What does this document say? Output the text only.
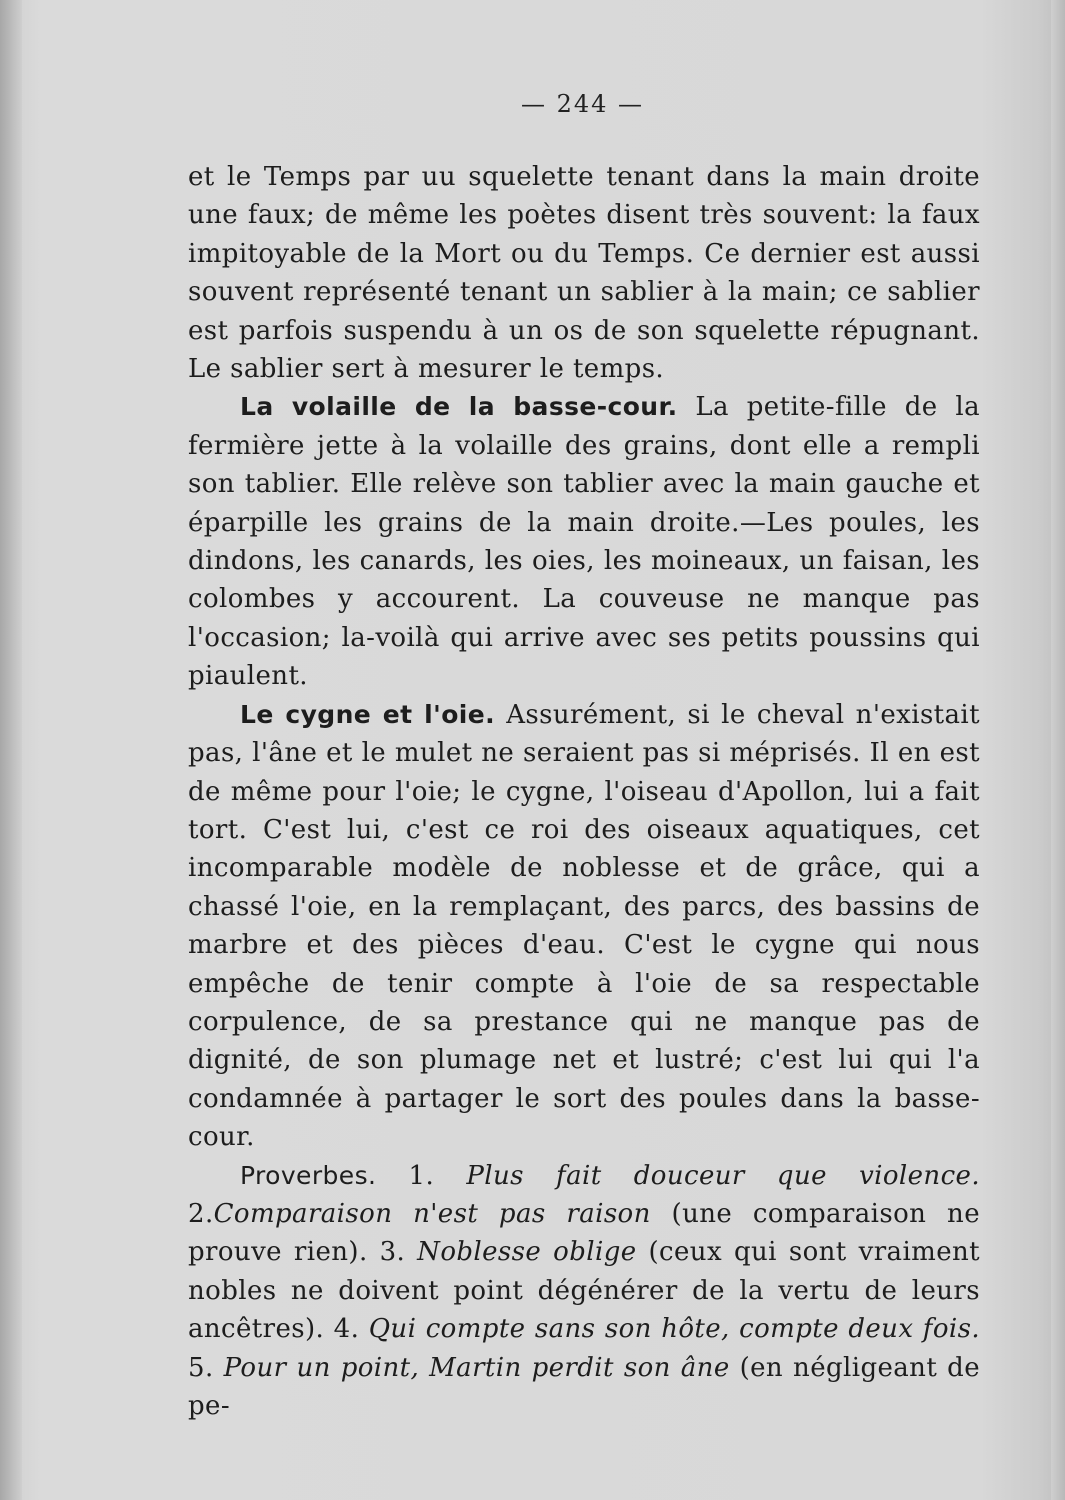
— 244 —

et le Temps par uu squelette tenant dans la main droite une faux; de même les poètes disent très souvent: la faux impitoyable de la Mort ou du Temps. Ce dernier est aussi souvent représenté tenant un sablier à la main; ce sablier est parfois suspendu à un os de son squelette répugnant. Le sablier sert à mesurer le temps.

La volaille de la basse-cour. La petite-fille de la fermière jette à la volaille des grains, dont elle a rempli son tablier. Elle relève son tablier avec la main gauche et éparpille les grains de la main droite.—Les poules, les dindons, les canards, les oies, les moineaux, un faisan, les colombes y accourent. La couveuse ne manque pas l'occasion; la-voilà qui arrive avec ses petits poussins qui piaulent.

Le cygne et l'oie. Assurément, si le cheval n'existait pas, l'âne et le mulet ne seraient pas si méprisés. Il en est de même pour l'oie; le cygne, l'oiseau d'Apollon, lui a fait tort. C'est lui, c'est ce roi des oiseaux aquatiques, cet incomparable modèle de noblesse et de grâce, qui a chassé l'oie, en la remplaçant, des parcs, des bassins de marbre et des pièces d'eau. C'est le cygne qui nous empêche de tenir compte à l'oie de sa respectable corpulence, de sa prestance qui ne manque pas de dignité, de son plumage net et lustré; c'est lui qui l'a condamnée à partager le sort des poules dans la basse-cour.

Proverbes. 1. Plus fait douceur que violence. 2.Comparaison n'est pas raison (une comparaison ne prouve rien). 3. Noblesse oblige (ceux qui sont vraiment nobles ne doivent point dégénérer de la vertu de leurs ancêtres). 4. Qui compte sans son hôte, compte deux fois. 5. Pour un point, Martin perdit son âne (en négligeant de pe-
